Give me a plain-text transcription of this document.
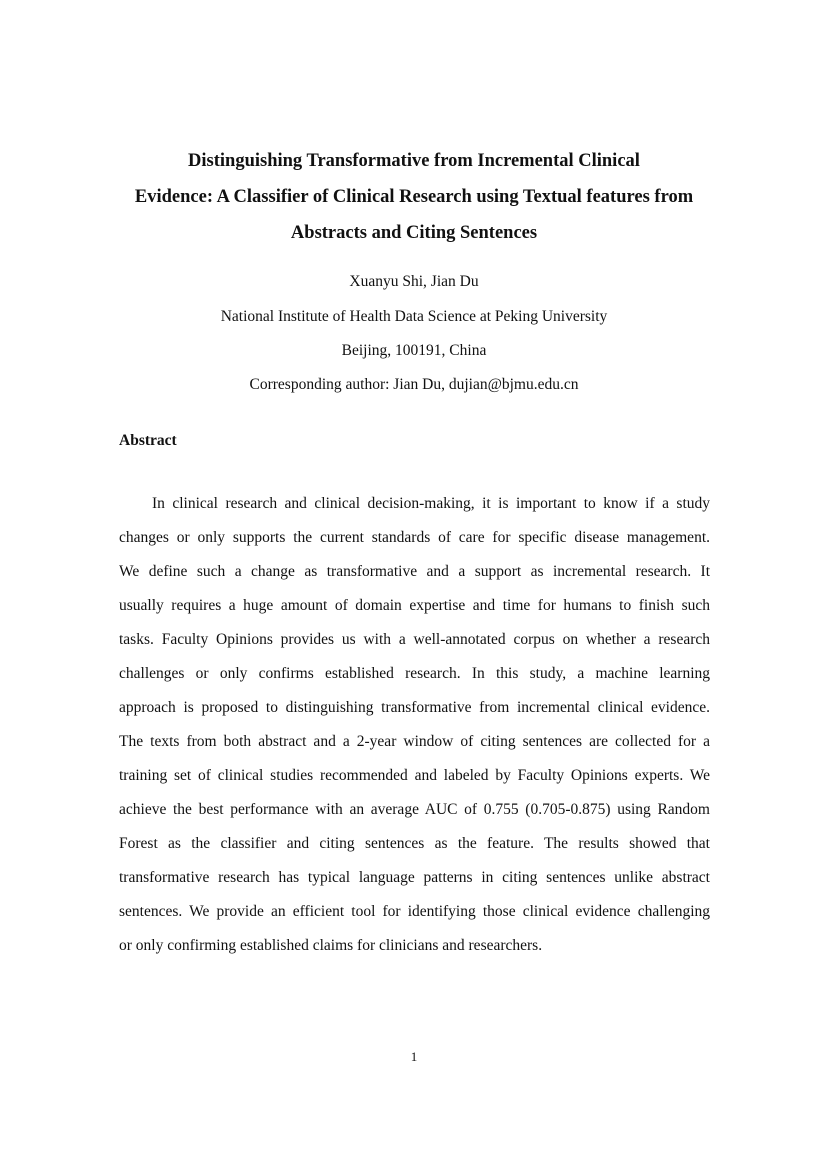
Distinguishing Transformative from Incremental Clinical
Evidence: A Classifier of Clinical Research using Textual features from
Abstracts and Citing Sentences
Xuanyu Shi, Jian Du
National Institute of Health Data Science at Peking University
Beijing, 100191, China
Corresponding author: Jian Du, dujian@bjmu.edu.cn
Abstract
In clinical research and clinical decision-making, it is important to know if a study
changes or only supports the current standards of care for specific disease management.
We define such a change as transformative and a support as incremental research. It
usually requires a huge amount of domain expertise and time for humans to finish such
tasks. Faculty Opinions provides us with a well-annotated corpus on whether a research
challenges or only confirms established research. In this study, a machine learning
approach is proposed to distinguishing transformative from incremental clinical evidence.
The texts from both abstract and a 2-year window of citing sentences are collected for a
training set of clinical studies recommended and labeled by Faculty Opinions experts. We
achieve the best performance with an average AUC of 0.755 (0.705-0.875) using Random
Forest as the classifier and citing sentences as the feature. The results showed that
transformative research has typical language patterns in citing sentences unlike abstract
sentences. We provide an efficient tool for identifying those clinical evidence challenging
or only confirming established claims for clinicians and researchers.
1
